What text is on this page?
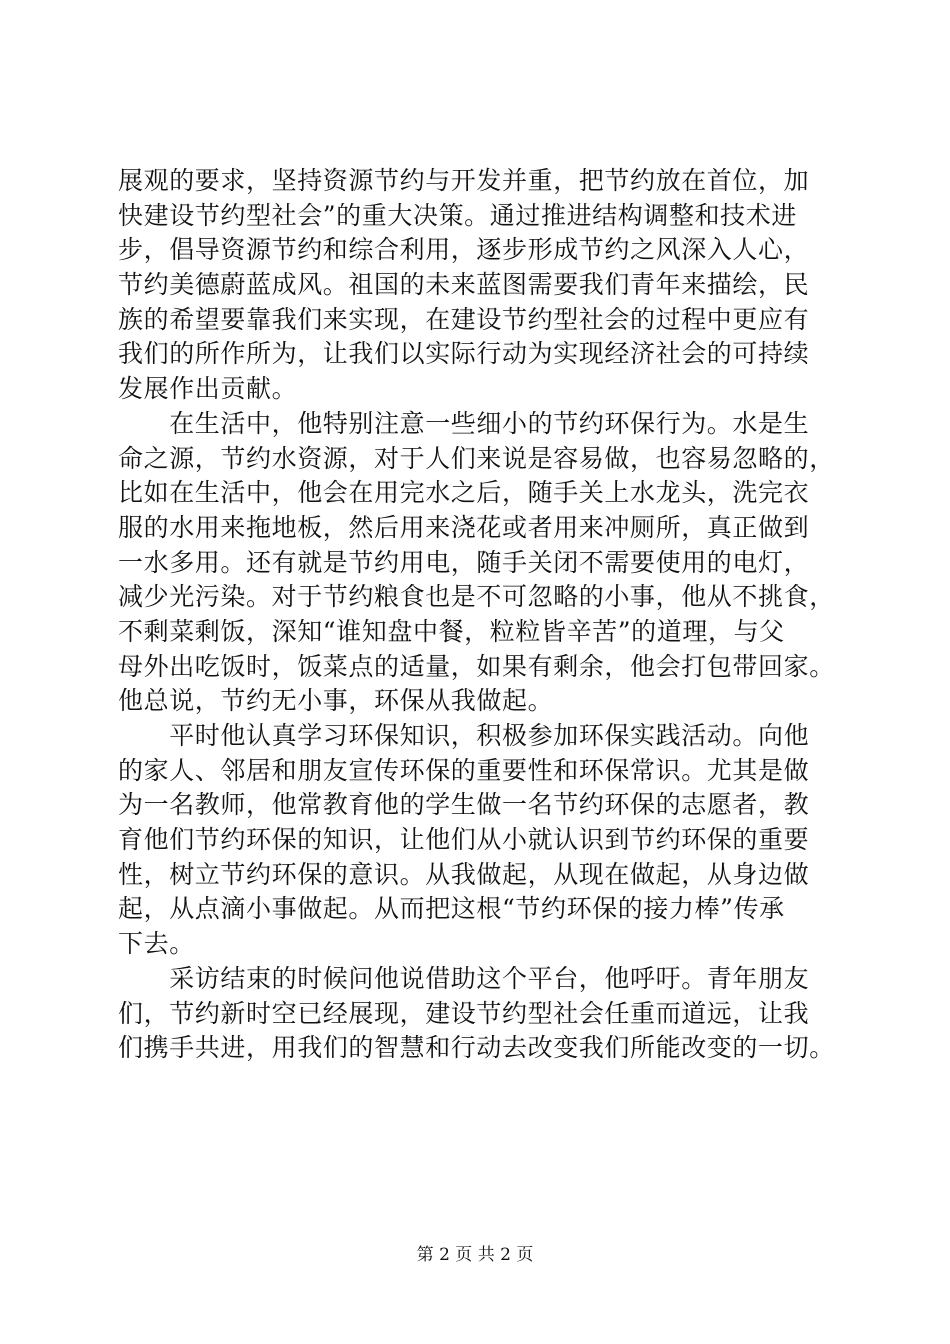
展观的要求，坚持资源节约与开发并重，把节约放在首位，加
快建设节约型社会”的重大决策。通过推进结构调整和技术进
步，倡导资源节约和综合利用，逐步形成节约之风深入人心，
节约美德蔚蓝成风。祖国的未来蓝图需要我们青年来描绘，民
族的希望要靠我们来实现，在建设节约型社会的过程中更应有
我们的所作所为，让我们以实际行动为实现经济社会的可持续
发展作出贡献。
　　在生活中，他特别注意一些细小的节约环保行为。水是生
命之源，节约水资源，对于人们来说是容易做，也容易忽略的，
比如在生活中，他会在用完水之后，随手关上水龙头，洗完衣
服的水用来拖地板，然后用来浇花或者用来冲厕所，真正做到
一水多用。还有就是节约用电，随手关闭不需要使用的电灯，
减少光污染。对于节约粮食也是不可忽略的小事，他从不挑食，
不剩菜剩饭，深知“谁知盘中餐，粒粒皆辛苦”的道理，与父
母外出吃饭时，饭菜点的适量，如果有剩余，他会打包带回家。
他总说，节约无小事，环保从我做起。
　　平时他认真学习环保知识，积极参加环保实践活动。向他
的家人、邻居和朋友宣传环保的重要性和环保常识。尤其是做
为一名教师，他常教育他的学生做一名节约环保的志愿者，教
育他们节约环保的知识，让他们从小就认识到节约环保的重要
性，树立节约环保的意识。从我做起，从现在做起，从身边做
起，从点滴小事做起。从而把这根“节约环保的接力棒”传承
下去。
　　采访结束的时候问他说借助这个平台，他呼吁。青年朋友
们，节约新时空已经展现，建设节约型社会任重而道远，让我
们携手共进，用我们的智慧和行动去改变我们所能改变的一切。
第 2 页 共 2 页
